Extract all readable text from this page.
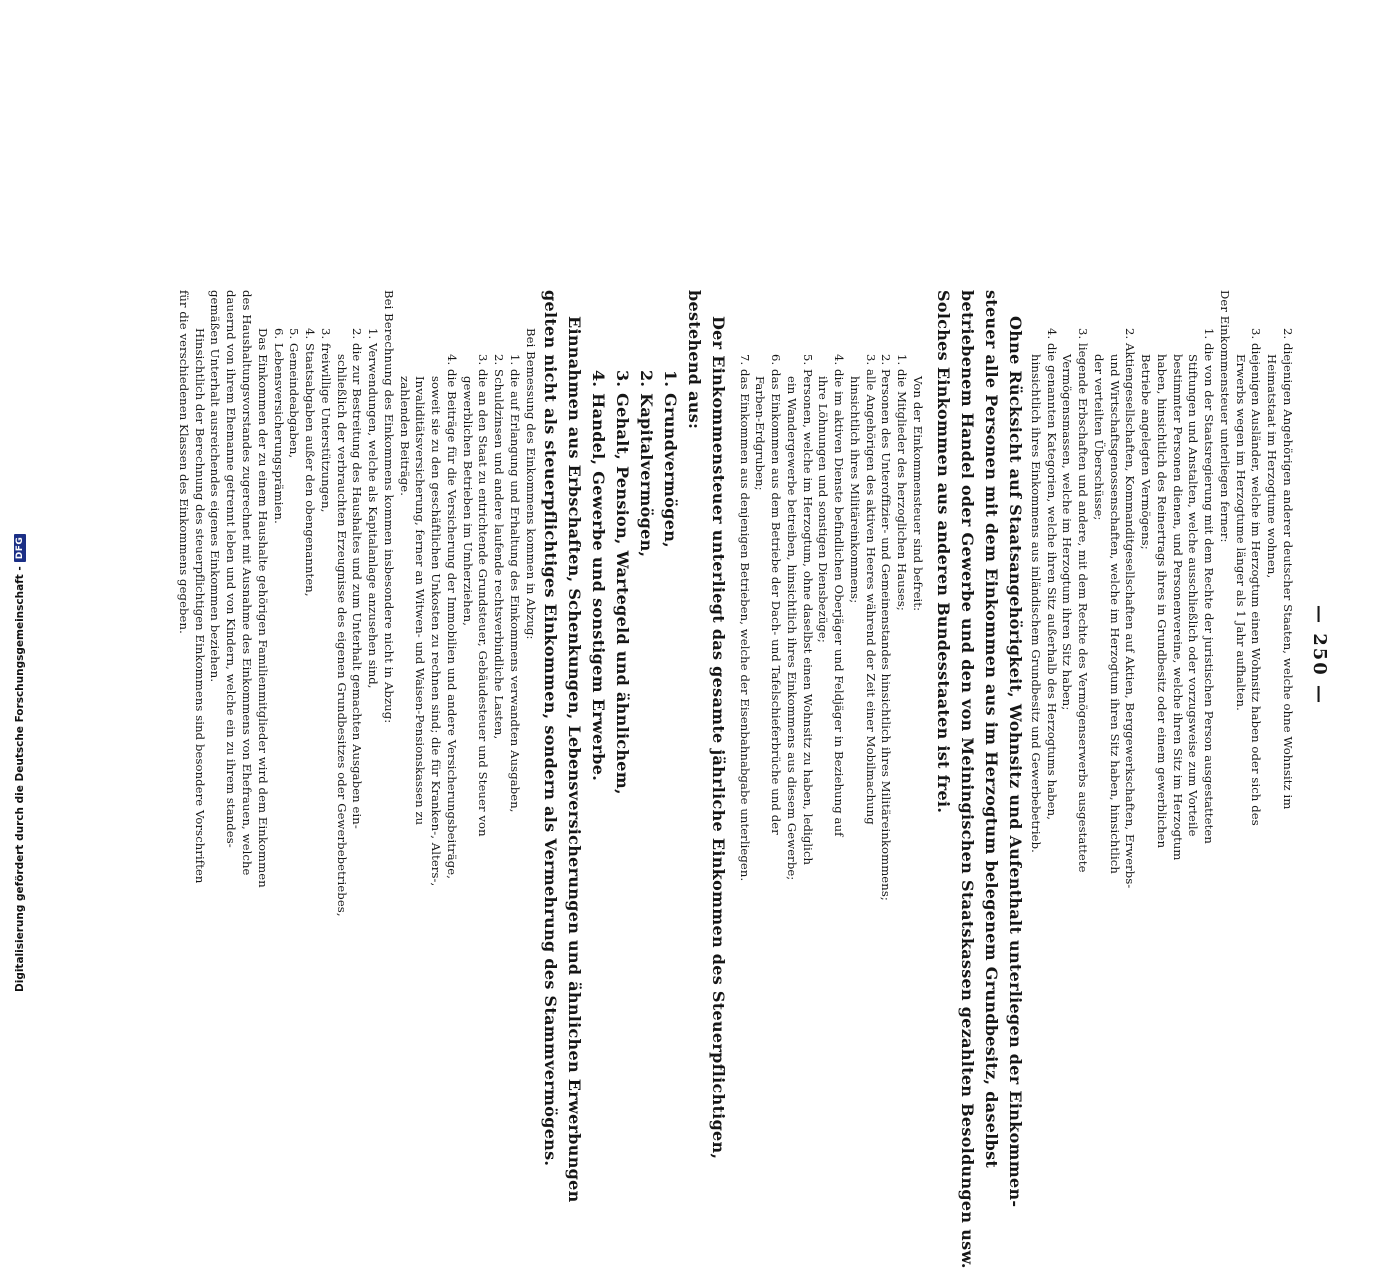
— 250 —
2. diejenigen Angehörigen anderer deutscher Staaten, welche ohne Wohnsitz im
Heimatstaat im Herzogtume wohnen,
3. diejenigen Ausländer, welche im Herzogtum einen Wohnsitz haben oder sich des
Erwerbs wegen im Herzogtume länger als 1 Jahr aufhalten.
Der Einkommensteuer unterliegen ferner:
1. die von der Staatsregierung mit dem Rechte der juristischen Person ausgestatteten
Stiftungen und Anstalten, welche ausschließlich oder vorzugsweise zum Vorteile
bestimmter Personen dienen, und Personenvereine, welche ihren Sitz im Herzogtum
haben, hinsichtlich des Reinertrags ihres in Grundbesitz oder einem gewerblichen
Betriebe angelegten Vermögens;
2. Aktiengesellschaften, Kommanditgesellschaften auf Aktien, Berggewerkschaften, Erwerbs-
und Wirtschaftsgenossenschaften, welche im Herzogtum ihren Sitz haben, hinsichtlich
der verteilten Überschüsse;
3. liegende Erbschaften und andere, mit dem Rechte des Vermögenserwerbs ausgestattete
Vermögensmassen, welche im Herzogtum ihren Sitz haben;
4. die genannten Kategorien, welche ihren Sitz außerhalb des Herzogtums haben,
hinsichtlich ihres Einkommens aus inländischem Grundbesitz und Gewerbebetrieb.
Ohne Rücksicht auf Staatsangehörigkeit, Wohnsitz und Aufenthalt unterliegen der Einkommen-
steuer alle Personen mit dem Einkommen aus im Herzogtum belegenem Grundbesitz, daselbst
betriebenem Handel oder Gewerbe und den von Meiningischen Staatskassen gezahlten Besoldungen usw.
Solches Einkommen aus anderen Bundesstaaten ist frei.
Von der Einkommensteuer sind befreit:
1. die Mitglieder des herzoglichen Hauses;
2. Personen des Unteroffizier- und Gemeinenstandes hinsichtlich ihres Militäreinkommens;
3. alle Angehörigen des aktiven Heeres während der Zeit einer Mobilmachung
hinsichtlich ihres Militäreinkommens;
4. die im aktiven Dienste befindlichen Oberjäger und Feldjäger in Beziehung auf
ihre Löhnungen und sonstigen Diensbezüge;
5. Personen, welche im Herzogtum, ohne daselbst einen Wohnsitz zu haben, lediglich
ein Wandergewerbe betreiben, hinsichtlich ihres Einkommens aus diesem Gewerbe;
6. das Einkommen aus dem Betriebe der Dach- und Tafelschieferbrüche und der
Farben-Erdgruben;
7. das Einkommen aus denjenigen Betrieben, welche der Eisenbahnabgabe unterliegen.
Der Einkommensteuer unterliegt das gesamte jährliche Einkommen des Steuerpflichtigen,
bestehend aus:
1. Grundvermögen,
2. Kapitalvermögen,
3. Gehalt, Pension, Wartegeld und ähnlichem,
4. Handel, Gewerbe und sonstigem Erwerbe.
Einnahmen aus Erbschaften, Schenkungen, Lebensversicherungen und ähnlichen Erwerbungen
gelten nicht als steuerpflichtiges Einkommen, sondern als Vermehrung des Stammvermögens.
Bei Bemessung des Einkommens kommen in Abzug:
1. die auf Erlangung und Erhaltung des Einkommens verwandten Ausgaben,
2. Schuldzinsen und andere laufende rechtsverbindliche Lasten,
3. die an den Staat zu entrichtende Grundsteuer, Gebäudesteuer und Steuer von
gewerblichen Betrieben im Umherziehen,
4. die Beiträge für die Versicherung der Immobilien und andere Versicherungsbeiträge,
soweit sie zu den geschäftlichen Unkosten zu rechnen sind; die für Kranken-, Alters-,
Invaliditätsversicherung, ferner an Witwen- und Waisen-Pensionskassen zu
zahlenden Beiträge.
Bei Berechnung des Einkommens kommen insbesondere nicht in Abzug:
1. Verwendungen, welche als Kapitalanlage anzusehen sind,
2. die zur Bestreitung des Haushaltes und zum Unterhalt gemachten Ausgaben ein-
schließlich der verbrauchten Erzeugnisse des eigenen Grundbesitzes oder Gewerbebetriebes,
3. freiwillige Unterstützungen,
4. Staatsabgaben außer den obengenannten,
5. Gemeindeabgaben,
6. Lebensversicherungsprämien.
Das Einkommen der zu einem Haushalte gehörigen Familienmitglieder wird dem Einkommen
des Haushaltungsvorstandes zugerechnet mit Ausnahme des Einkommens von Ehefrauen, welche
dauernd von ihrem Ehemanne getrennt leben und von Kindern, welche ein zu ihrem standes-
gemäßen Unterhalt ausreichendes eigenes Einkommen beziehen.
Hinsichtlich der Berechnung des steuerpflichtigen Einkommens sind besondere Vorschriften
für die verschiedenen Klassen des Einkommens gegeben.
Digitalisierung gefördert durch die Deutsche Forschungsgemeinschaft -
DFG
